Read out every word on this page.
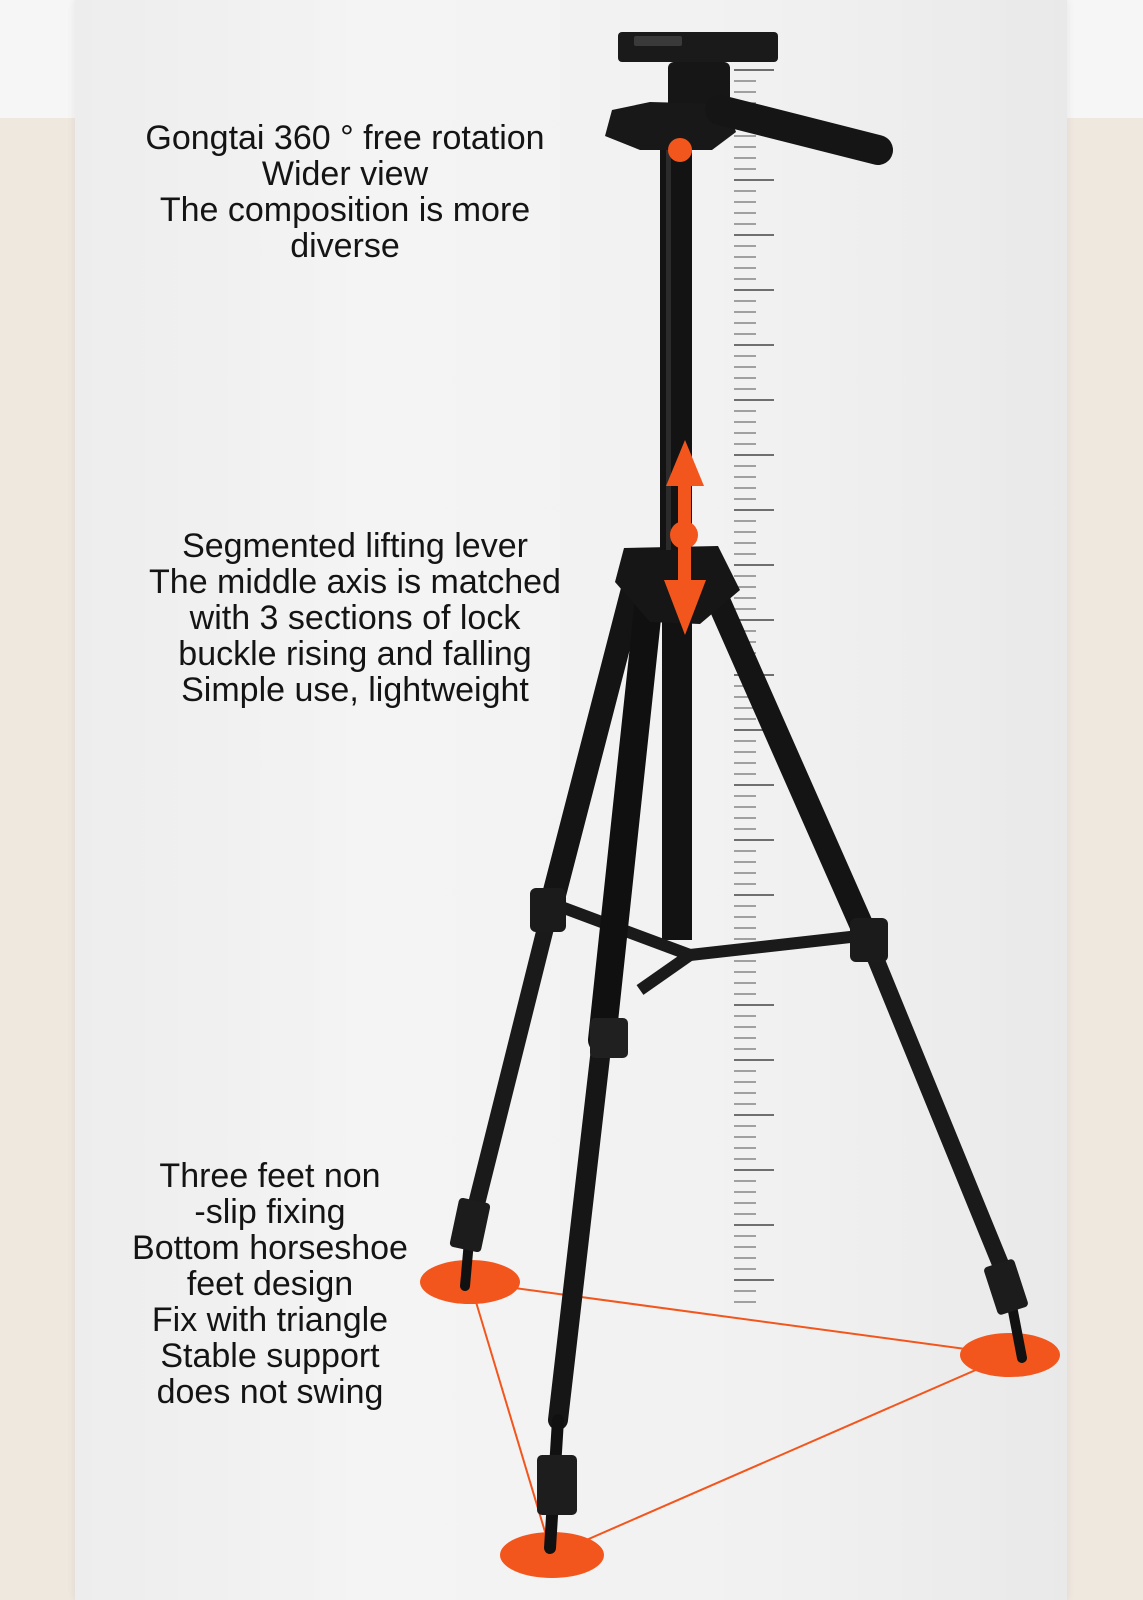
Gongtai 360 ° free rotation
Wider view
The composition is more
diverse

Segmented lifting lever
The middle axis is matched
with 3 sections of lock
buckle rising and falling
Simple use, lightweight

Three feet non
-slip fixing
Bottom horseshoe
feet design
Fix with triangle
Stable support
does not swing
